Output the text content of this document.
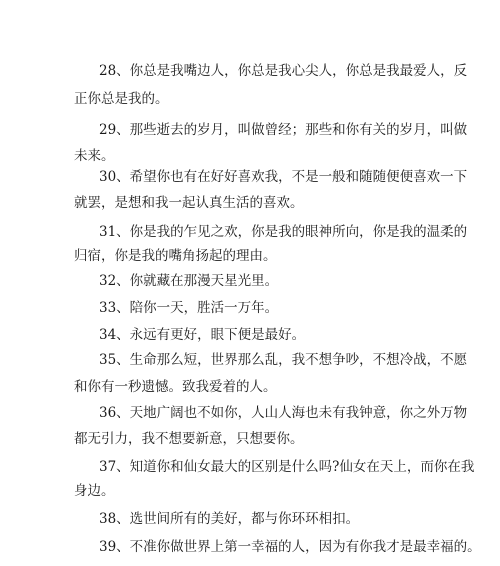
28、你总是我嘴边人，你总是我心尖人，你总是我最爱人，反
正你总是我的。
29、那些逝去的岁月，叫做曾经；那些和你有关的岁月，叫做
未来。
30、希望你也有在好好喜欢我，不是一般和随随便便喜欢一下
就罢，是想和我一起认真生活的喜欢。
31、你是我的乍见之欢，你是我的眼神所向，你是我的温柔的
归宿，你是我的嘴角扬起的理由。
32、你就藏在那漫天星光里。
33、陪你一天，胜活一万年。
34、永远有更好，眼下便是最好。
35、生命那么短，世界那么乱，我不想争吵，不想冷战，不愿
和你有一秒遗憾。致我爱着的人。
36、天地广阔也不如你，人山人海也未有我钟意，你之外万物
都无引力，我不想要新意，只想要你。
37、知道你和仙女最大的区别是什么吗?仙女在天上，而你在我
身边。
38、选世间所有的美好，都与你环环相扣。
39、不准你做世界上第一幸福的人，因为有你我才是最幸福的。
